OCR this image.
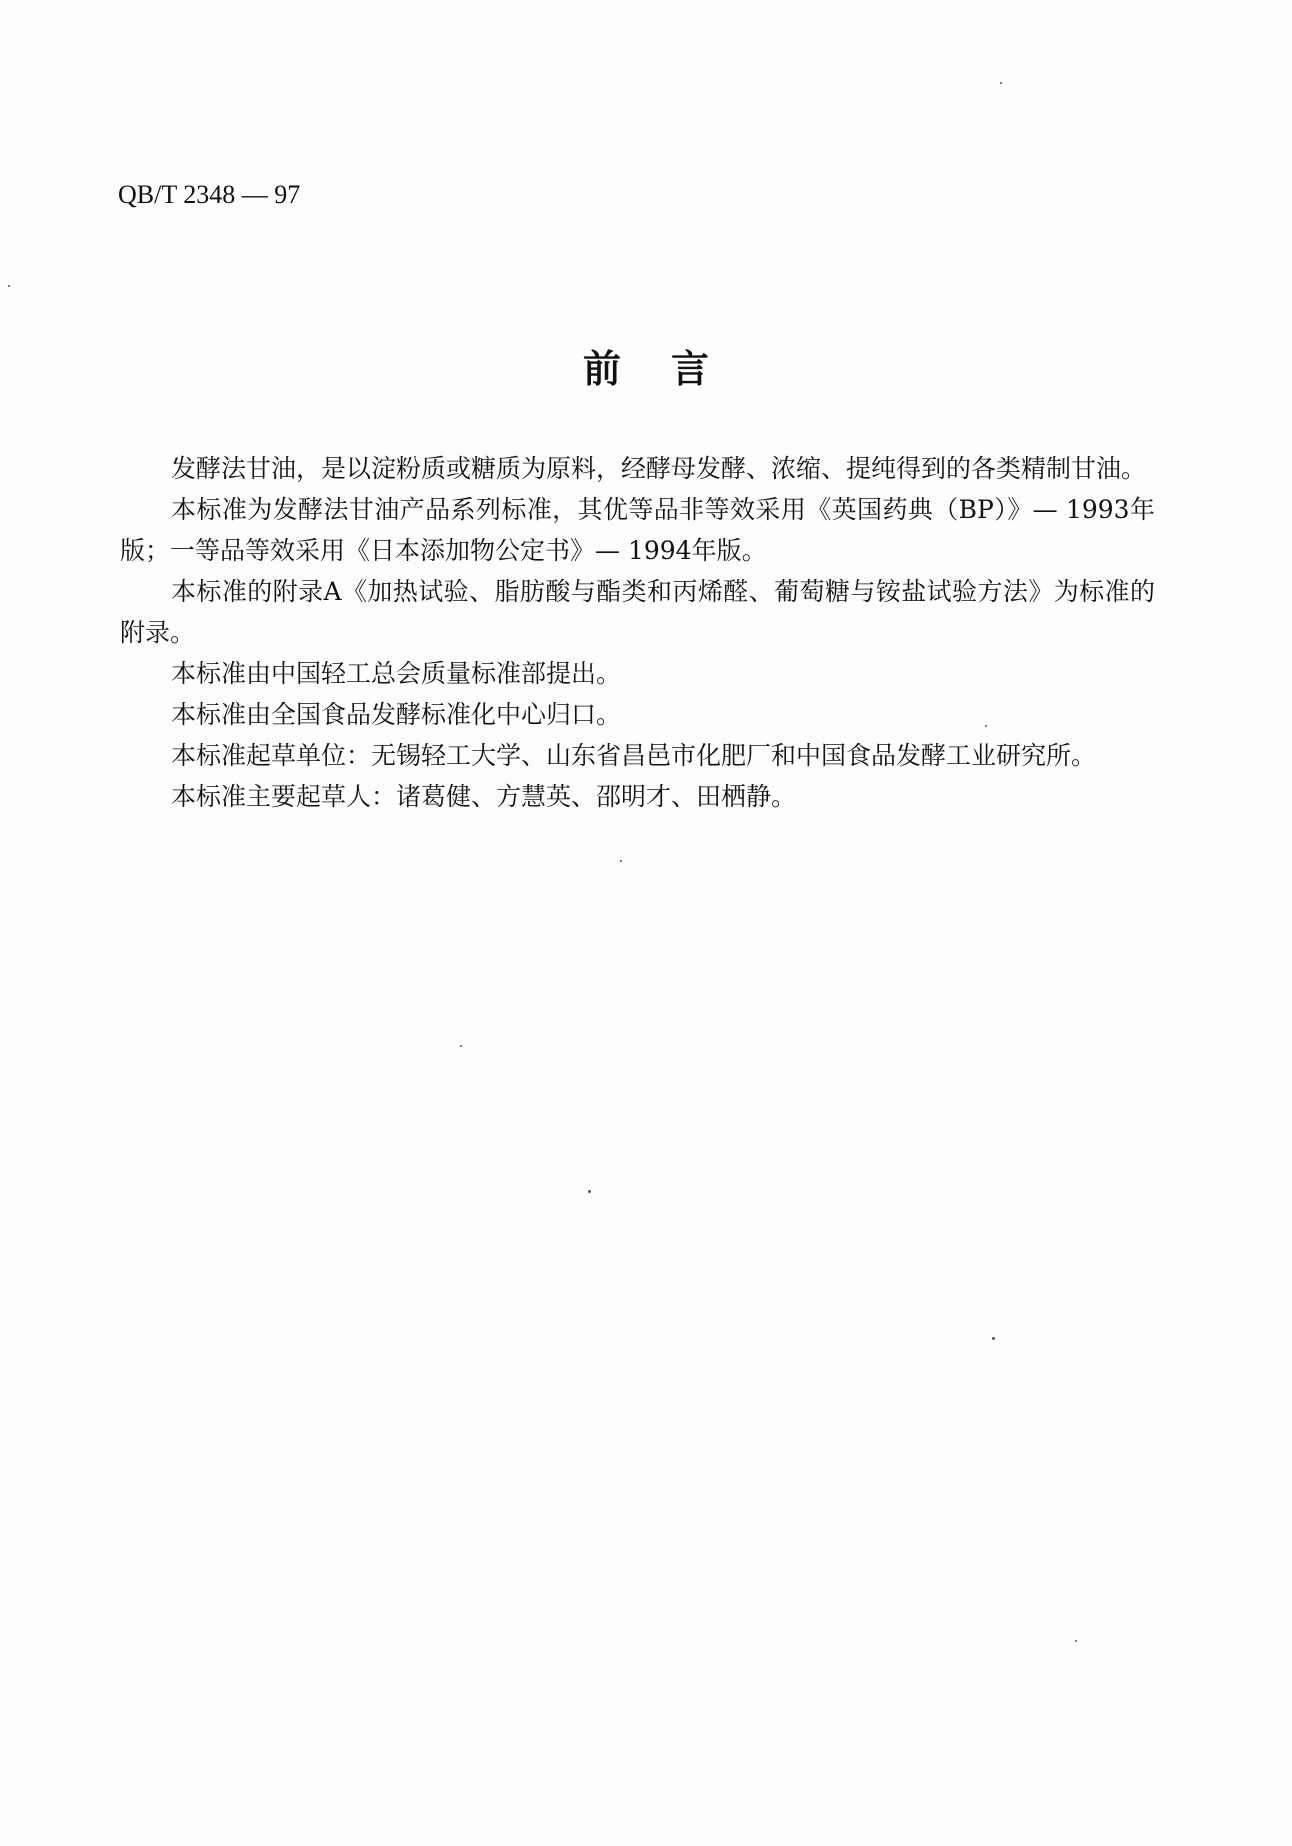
QB/T 2348 — 97
前言

发酵法甘油，是以淀粉质或糖质为原料，经酵母发酵、浓缩、提纯得到的各类精制甘油。

本标准为发酵法甘油产品系列标准，其优等品非等效采用《英国药典（BP）》— 1993年版；一等品等效采用《日本添加物公定书》— 1994年版。

本标准的附录A《加热试验、脂肪酸与酯类和丙烯醛、葡萄糖与铵盐试验方法》为标准的附录。

本标准由中国轻工总会质量标准部提出。

本标准由全国食品发酵标准化中心归口。

本标准起草单位：无锡轻工大学、山东省昌邑市化肥厂和中国食品发酵工业研究所。

本标准主要起草人：诸葛健、方慧英、邵明才、田栖静。
